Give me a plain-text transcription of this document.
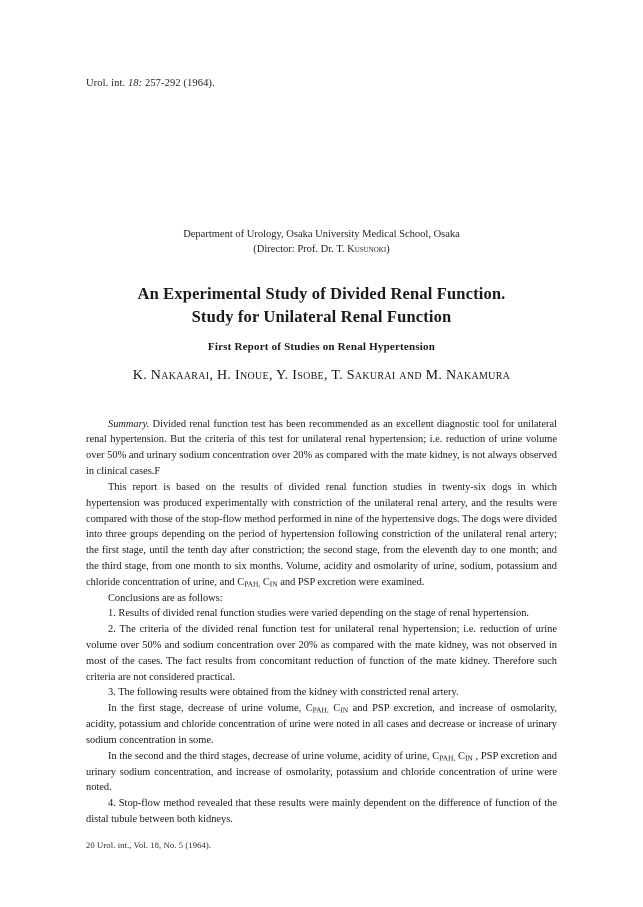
Urol. int. 18: 257-292 (1964).
Department of Urology, Osaka University Medical School, Osaka
(Director: Prof. Dr. T. Kusunoki)
An Experimental Study of Divided Renal Function.
Study for Unilateral Renal Function
First Report of Studies on Renal Hypertension
K. Nakaarai, H. Inoue, Y. Isobe, T. Sakurai and M. Nakamura

Summary. Divided renal function test has been recommended as an excellent diagnostic tool for unilateral renal hypertension. But the criteria of this test for unilateral renal hypertension; i.e. reduction of urine volume over 50% and urinary sodium concentration over 20% as compared with the mate kidney, is not always observed in clinical cases.F

This report is based on the results of divided renal function studies in twenty-six dogs in which hypertension was produced experimentally with constriction of the unilateral renal artery, and the results were compared with those of the stop-flow method performed in nine of the hypertensive dogs. The dogs were divided into three groups depending on the period of hypertension following constriction of the unilateral renal artery; the first stage, until the tenth day after constriction; the second stage, from the eleventh day to one month; and the third stage, from one month to six months. Volume, acidity and osmolarity of urine, sodium, potassium and chloride concentration of urine, and $C_{PAH,}$ $C_{IN}$ and PSP excretion were examined.

Conclusions are as follows:

1. Results of divided renal function studies were varied depending on the stage of renal hypertension.

2. The criteria of the divided renal function test for unilateral renal hypertension; i.e. reduction of urine volume over 50% and sodium concentration over 20% as compared with the mate kidney, was not observed in most of the cases. The fact results from concomitant reduction of function of the mate kidney. Therefore such criteria are not considered practical.

3. The following results were obtained from the kidney with constricted renal artery.

In the first stage, decrease of urine volume, $C_{PAH,}$ $C_{IN}$ and PSP excretion, and increase of osmolarity, acidity, potassium and chloride concentration of urine were noted in all cases and decrease or increase of urinary sodium concentration in some.

In the second and the third stages, decrease of urine volume, acidity of urine, $C_{PAH,}$ $C_{IN}$ , PSP excretion and urinary sodium concentration, and increase of osmolarity, potassium and chloride concentration of urine were noted.

4. Stop-flow method revealed that these results were mainly dependent on the difference of function of the distal tubule between both kidneys.

20 Urol. int., Vol. 18, No. 5 (1964).
